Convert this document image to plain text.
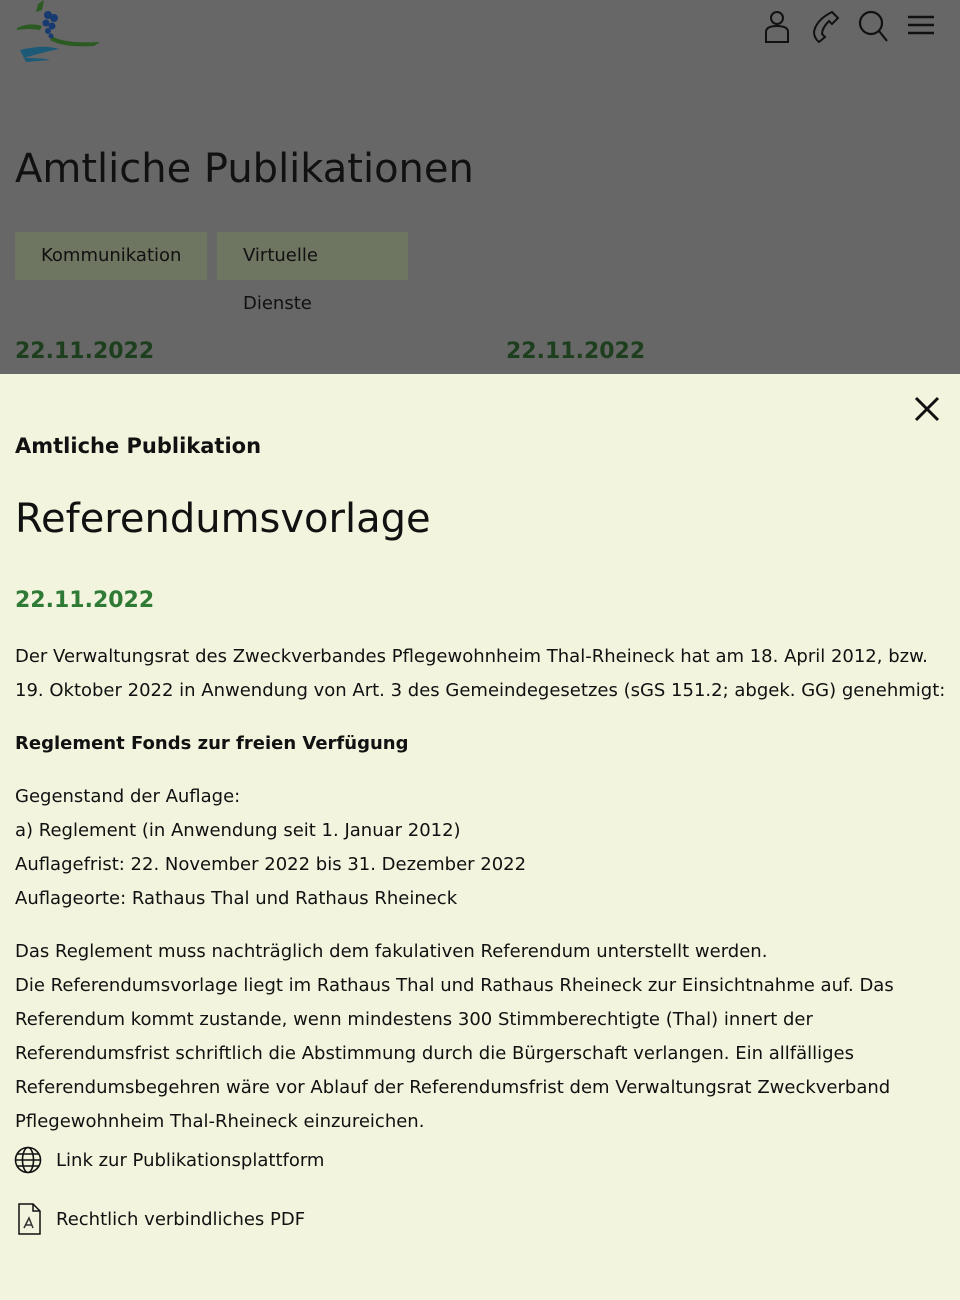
Amtliche Publikationen
Kommunikation	Virtuelle Dienste
22.11.2022	22.11.2022
Amtliche Publikation
Referendumsvorlage
22.11.2022

Der Verwaltungsrat des Zweckverbandes Pflegewohnheim Thal-Rheineck hat am 18. April 2012, bzw. 19. Oktober 2022 in Anwendung von Art. 3 des Gemeindegesetzes (sGS 151.2; abgek. GG) genehmigt:

Reglement Fonds zur freien Verfügung

Gegenstand der Auflage:
a) Reglement (in Anwendung seit 1. Januar 2012)
Auflagefrist: 22. November 2022 bis 31. Dezember 2022
Auflageorte: Rathaus Thal und Rathaus Rheineck

Das Reglement muss nachträglich dem fakulativen Referendum unterstellt werden.
Die Referendumsvorlage liegt im Rathaus Thal und Rathaus Rheineck zur Einsichtnahme auf. Das Referendum kommt zustande, wenn mindestens 300 Stimmberechtigte (Thal) innert der Referendumsfrist schriftlich die Abstimmung durch die Bürgerschaft verlangen. Ein allfälliges Referendumsbegehren wäre vor Ablauf der Referendumsfrist dem Verwaltungsrat Zweckverband Pflegewohnheim Thal-Rheineck einzureichen.

Link zur Publikationsplattform
Rechtlich verbindliches PDF
